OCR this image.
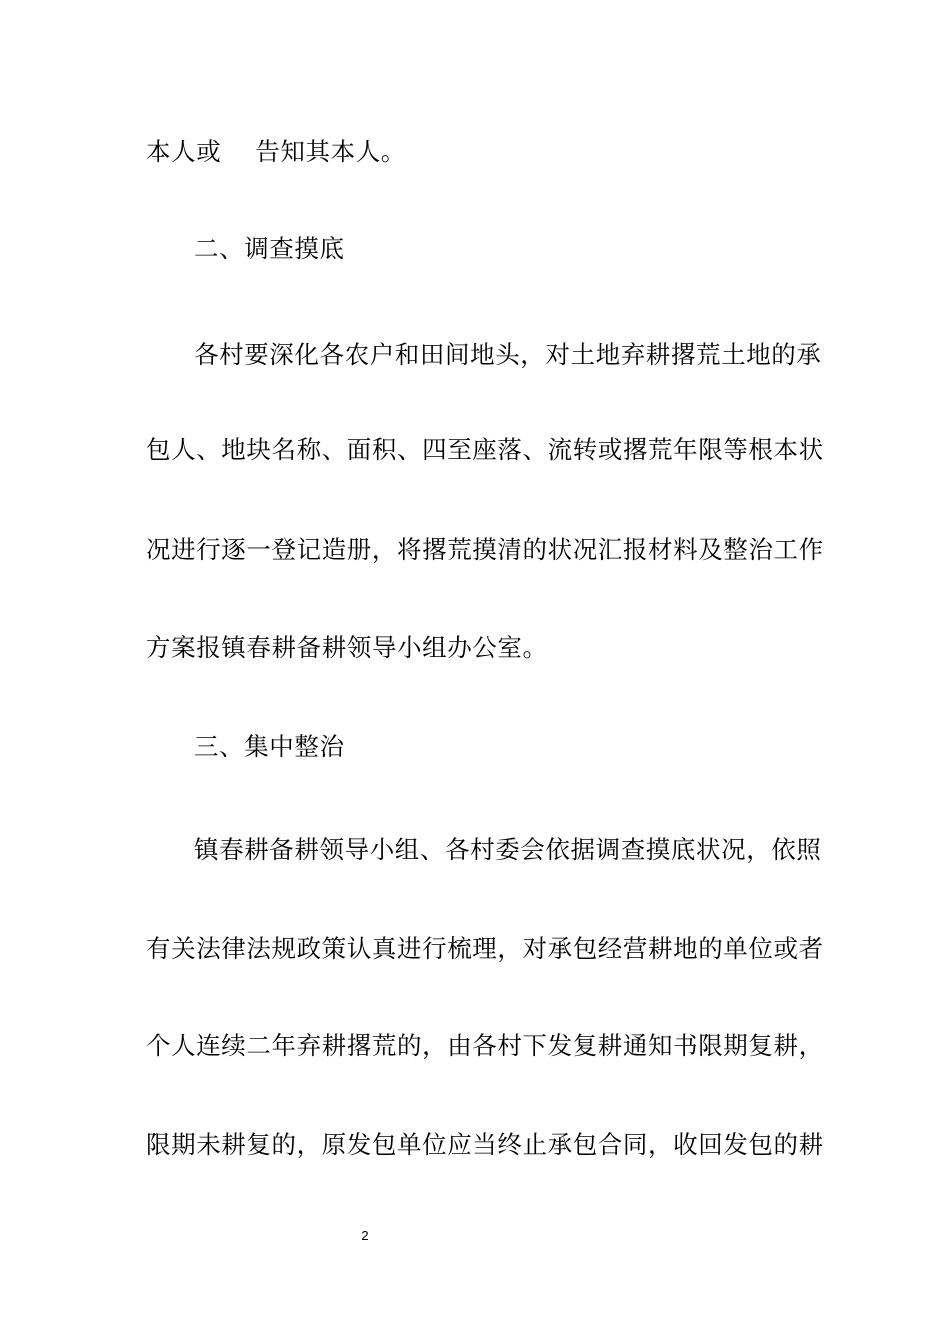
本人或 告知其本人。
二、调查摸底
各村要深化各农户和田间地头，对土地弃耕撂荒土地的承
包人、地块名称、面积、四至座落、流转或撂荒年限等根本状
况进行逐一登记造册，将撂荒摸清的状况汇报材料及整治工作
方案报镇春耕备耕领导小组办公室。
三、集中整治
镇春耕备耕领导小组、各村委会依据调查摸底状况，依照
有关法律法规政策认真进行梳理，对承包经营耕地的单位或者
个人连续二年弃耕撂荒的，由各村下发复耕通知书限期复耕，
限期未耕复的，原发包单位应当终止承包合同，收回发包的耕
2
